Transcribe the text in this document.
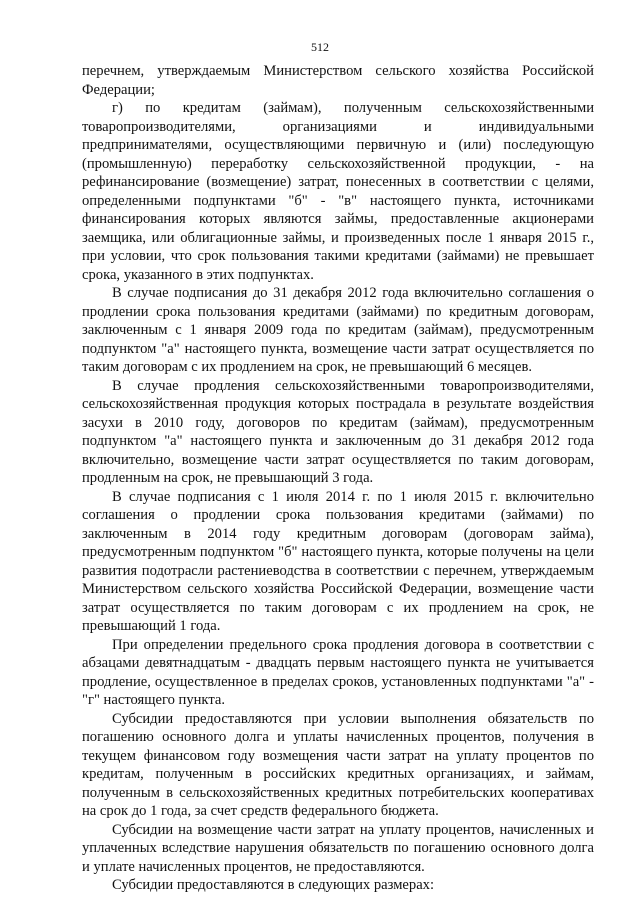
512

перечнем, утверждаемым Министерством сельского хозяйства Российской Федерации;

г) по кредитам (займам), полученным сельскохозяйственными товаропроизводителями, организациями и индивидуальными предпринимателями, осуществляющими первичную и (или) последующую (промышленную) переработку сельскохозяйственной продукции, - на рефинансирование (возмещение) затрат, понесенных в соответствии с целями, определенными подпунктами "б" - "в" настоящего пункта, источниками финансирования которых являются займы, предоставленные акционерами заемщика, или облигационные займы, и произведенных после 1 января 2015 г., при условии, что срок пользования такими кредитами (займами) не превышает срока, указанного в этих подпунктах.

В случае подписания до 31 декабря 2012 года включительно соглашения о продлении срока пользования кредитами (займами) по кредитным договорам, заключенным с 1 января 2009 года по кредитам (займам), предусмотренным подпунктом "а" настоящего пункта, возмещение части затрат осуществляется по таким договорам с их продлением на срок, не превышающий 6 месяцев.

В случае продления сельскохозяйственными товаропроизводителями, сельскохозяйственная продукция которых пострадала в результате воздействия засухи в 2010 году, договоров по кредитам (займам), предусмотренным подпунктом "а" настоящего пункта и заключенным до 31 декабря 2012 года включительно, возмещение части затрат осуществляется по таким договорам, продленным на срок, не превышающий 3 года.

В случае подписания с 1 июля 2014 г. по 1 июля 2015 г. включительно соглашения о продлении срока пользования кредитами (займами) по заключенным в 2014 году кредитным договорам (договорам займа), предусмотренным подпунктом "б" настоящего пункта, которые получены на цели развития подотрасли растениеводства в соответствии с перечнем, утверждаемым Министерством сельского хозяйства Российской Федерации, возмещение части затрат осуществляется по таким договорам с их продлением на срок, не превышающий 1 года.

При определении предельного срока продления договора в соответствии с абзацами девятнадцатым - двадцать первым настоящего пункта не учитывается продление, осуществленное в пределах сроков, установленных подпунктами "а" - "г" настоящего пункта.

Субсидии предоставляются при условии выполнения обязательств по погашению основного долга и уплаты начисленных процентов, получения в текущем финансовом году возмещения части затрат на уплату процентов по кредитам, полученным в российских кредитных организациях, и займам, полученным в сельскохозяйственных кредитных потребительских кооперативах на срок до 1 года, за счет средств федерального бюджета.

Субсидии на возмещение части затрат на уплату процентов, начисленных и уплаченных вследствие нарушения обязательств по погашению основного долга и уплате начисленных процентов, не предоставляются.

Субсидии предоставляются в следующих размерах:
